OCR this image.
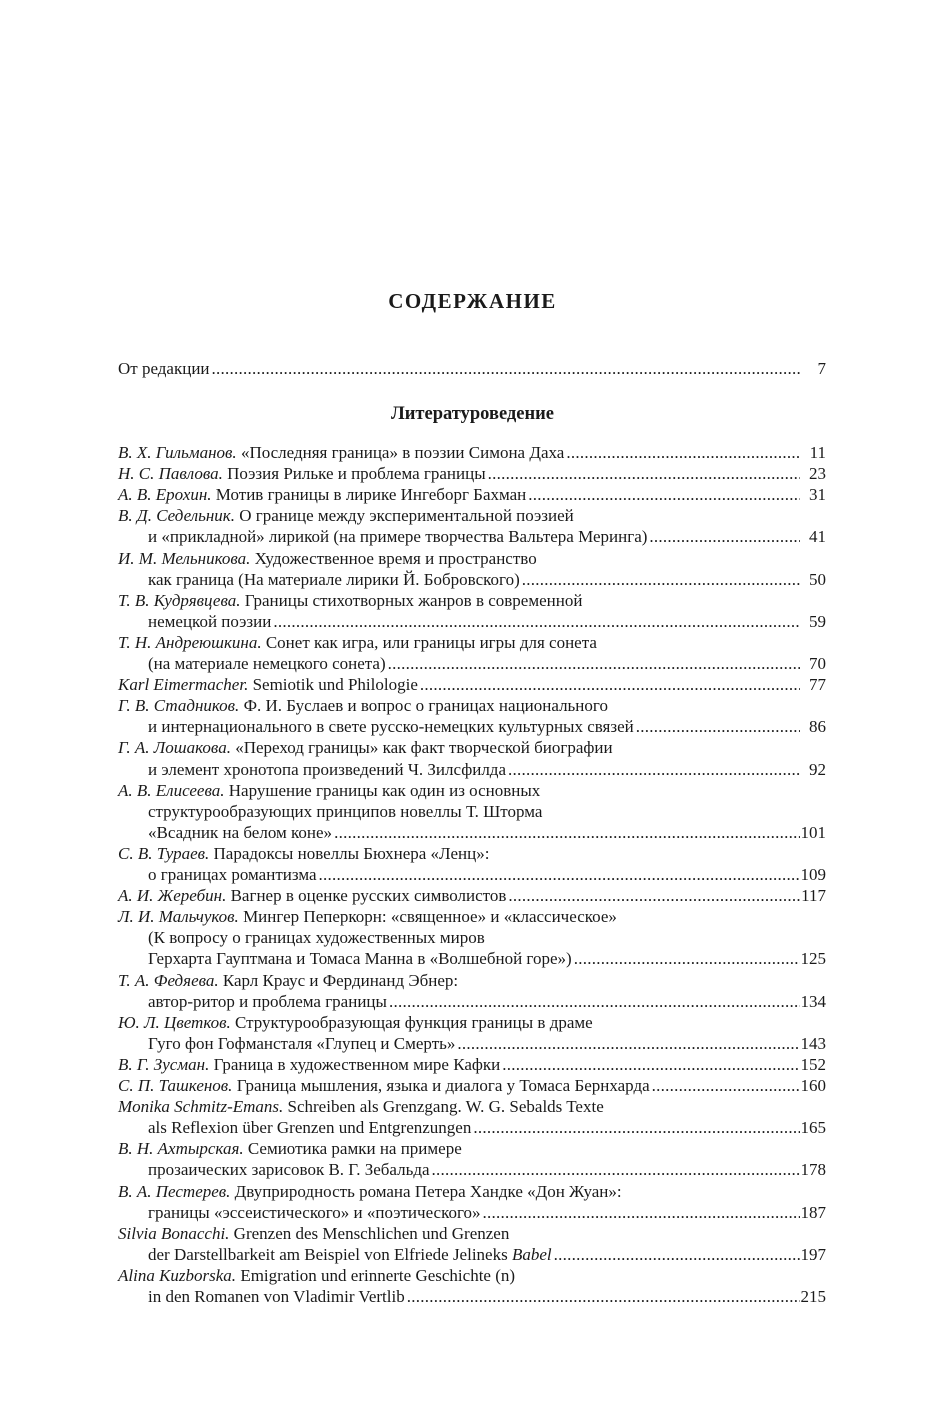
СОДЕРЖАНИЕ
От редакции . . .	7
Литературоведение
В. Х. Гильманов. «Последняя граница» в поэзии Симона Даха . . .	11
Н. С. Павлова. Поэзия Рильке и проблема границы . . .	23
А. В. Ерохин. Мотив границы в лирике Ингеборг Бахман . . .	31
В. Д. Седельник. О границе между экспериментальной поэзией
и «прикладной» лирикой (на примере творчества Вальтера Меринга) . . .	41
И. М. Мельникова. Художественное время и пространство
как граница (На материале лирики Й. Бобровского) . . .	50
Т. В. Кудрявцева. Границы стихотворных жанров в современной
немецкой поэзии . . .	59
Т. Н. Андреюшкина. Сонет как игра, или границы игры для сонета
(на материале немецкого сонета) . . .	70
Karl Eimermacher. Semiotik und Philologie . . .	77
Г. В. Стадников. Ф. И. Буслаев и вопрос о границах национального
и интернационального в свете русско-немецких культурных связей . . .	86
Г. А. Лошакова. «Переход границы» как факт творческой биографии
и элемент хронотопа произведений Ч. Зилсфилда . . .	92
А. В. Елисеева. Нарушение границы как один из основных
структурообразующих принципов новеллы Т. Шторма
«Всадник на белом коне» . . .	101
С. В. Тураев. Парадоксы новеллы Бюхнера «Ленц»:
о границах романтизма . . .	109
А. И. Жеребин. Вагнер в оценке русских символистов . . .	117
Л. И. Мальчуков. Мингер Пеперкорн: «священное» и «классическое»
(К вопросу о границах художественных миров
Герхарта Гауптмана и Томаса Манна в «Волшебной горе») . . .	125
Т. А. Федяева. Карл Краус и Фердинанд Эбнер:
автор-ритор и проблема границы . . .	134
Ю. Л. Цветков. Структурообразующая функция границы в драме
Гуго фон Гофмансталя «Глупец и Смерть» . . .	143
В. Г. Зусман. Граница в художественном мире Кафки . . .	152
С. П. Ташкенов. Граница мышления, языка и диалога у Томаса Бернхарда . . .	160
Monika Schmitz-Emans. Schreiben als Grenzgang. W. G. Sebalds Texte
als Reflexion über Grenzen und Entgrenzungen . . .	165
В. Н. Ахтырская. Семиотика рамки на примере
прозаических зарисовок В. Г. Зебальда . . .	178
В. А. Пестерев. Двуприродность романа Петера Хандке «Дон Жуан»:
границы «эссеистического» и «поэтического» . . .	187
Silvia Bonacchi. Grenzen des Menschlichen und Grenzen
der Darstellbarkeit am Beispiel von Elfriede Jelineks Babel . . .	197
Alina Kuzborska. Emigration und erinnerte Geschichte (n)
in den Romanen von Vladimir Vertlib . . .	215
